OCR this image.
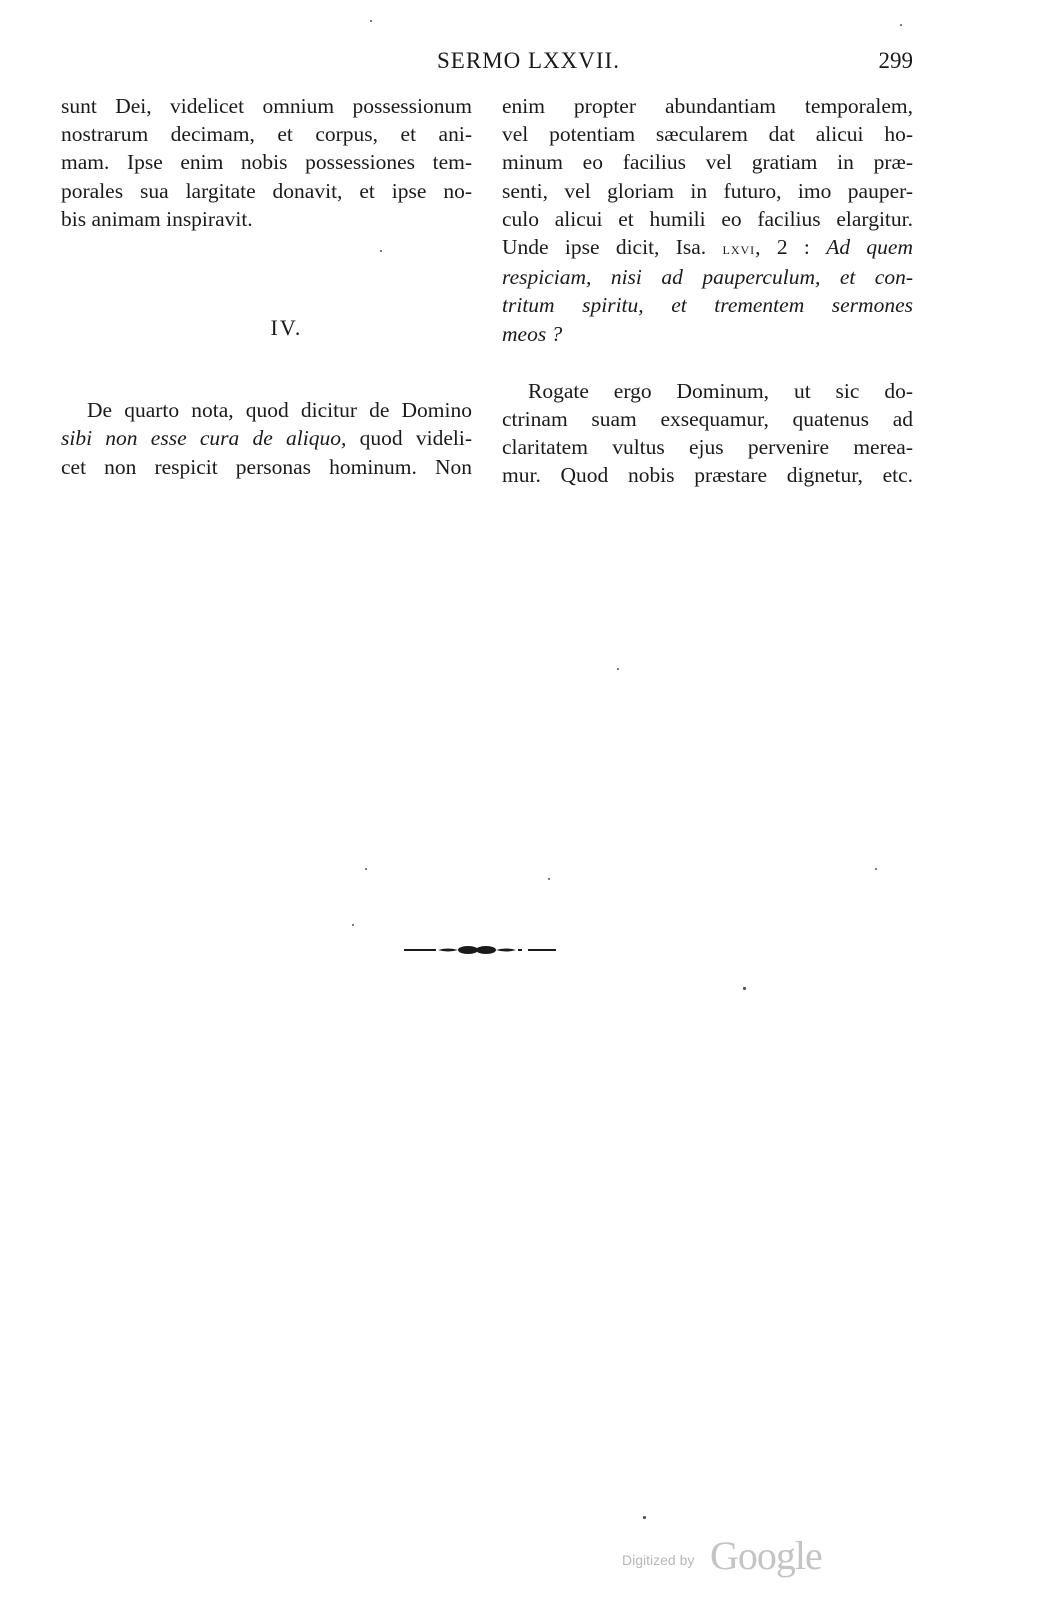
SERMO LXXVII.	299

sunt Dei, videlicet omnium possessionum
nostrarum decimam, et corpus, et ani-
mam. Ipse enim nobis possessiones tem-
porales sua largitate donavit, et ipse no-
bis animam inspiravit.

IV.

De quarto nota, quod dicitur de Domino
sibi non esse cura de aliquo, quod videli-
cet non respicit personas hominum. Non

enim propter abundantiam temporalem,
vel potentiam sæcularem dat alicui ho-
minum eo facilius vel gratiam in præ-
senti, vel gloriam in futuro, imo pauper-
culo alicui et humili eo facilius elargitur.
Unde ipse dicit, Isa. lxvi, 2 : Ad quem
respiciam, nisi ad pauperculum, et con-
tritum spiritu, et trementem sermones
meos ?

Rogate ergo Dominum, ut sic do-
ctrinam suam exsequamur, quatenus ad
claritatem vultus ejus pervenire merea-
mur. Quod nobis præstare dignetur, etc.

Digitized by Google
